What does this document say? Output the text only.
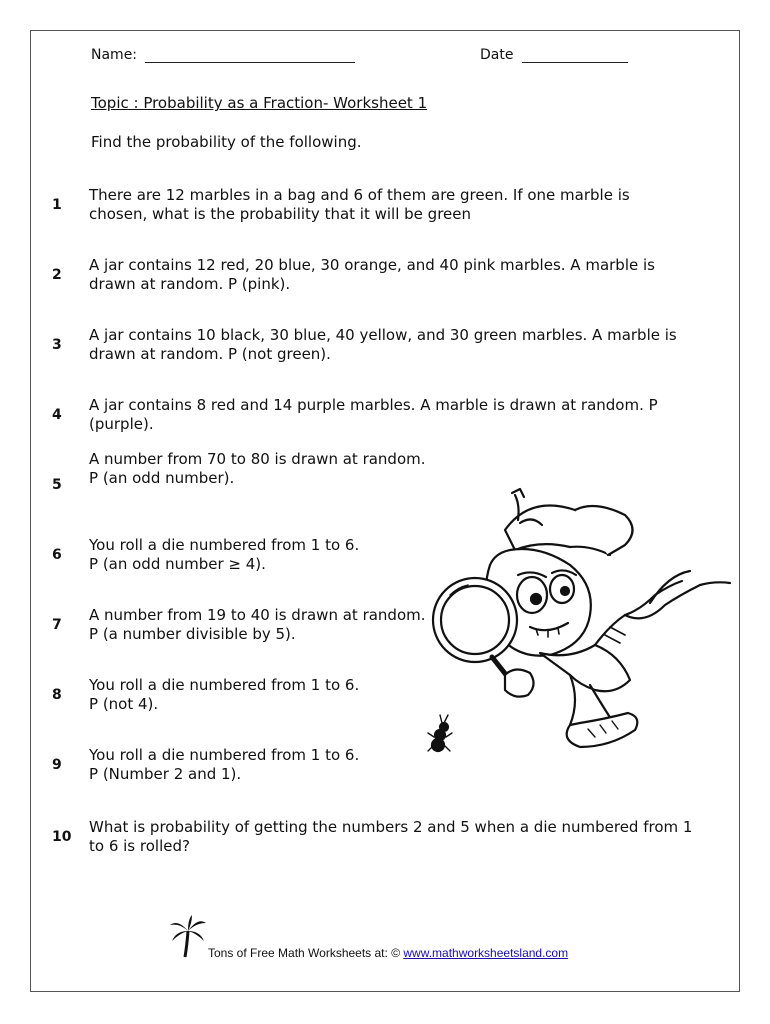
Name:	Date
Topic : Probability as a Fraction- Worksheet 1
Find the probability of the following.
1
There are 12 marbles in a bag and 6 of them are green. If one marble is
chosen, what is the probability that it will be green
2
A jar contains 12 red, 20 blue, 30 orange, and 40 pink marbles. A marble is
drawn at random. P (pink).
3
A jar contains 10 black, 30 blue, 40 yellow, and 30 green marbles. A marble is
drawn at random. P (not green).
4
A jar contains 8 red and 14 purple marbles. A marble is drawn at random. P
(purple).
5
A number from 70 to 80 is drawn at random.
P (an odd number).
6
You roll a die numbered from 1 to 6.
P (an odd number ≥ 4).
7
A number from 19 to 40 is drawn at random.
P (a number divisible by 5).
8
You roll a die numbered from 1 to 6.
P (not 4).
9
You roll a die numbered from 1 to 6.
P (Number 2 and 1).
10
What is probability of getting the numbers 2 and 5 when a die numbered from 1
to 6 is rolled?
Tons of Free Math Worksheets at: © www.mathworksheetsland.com
